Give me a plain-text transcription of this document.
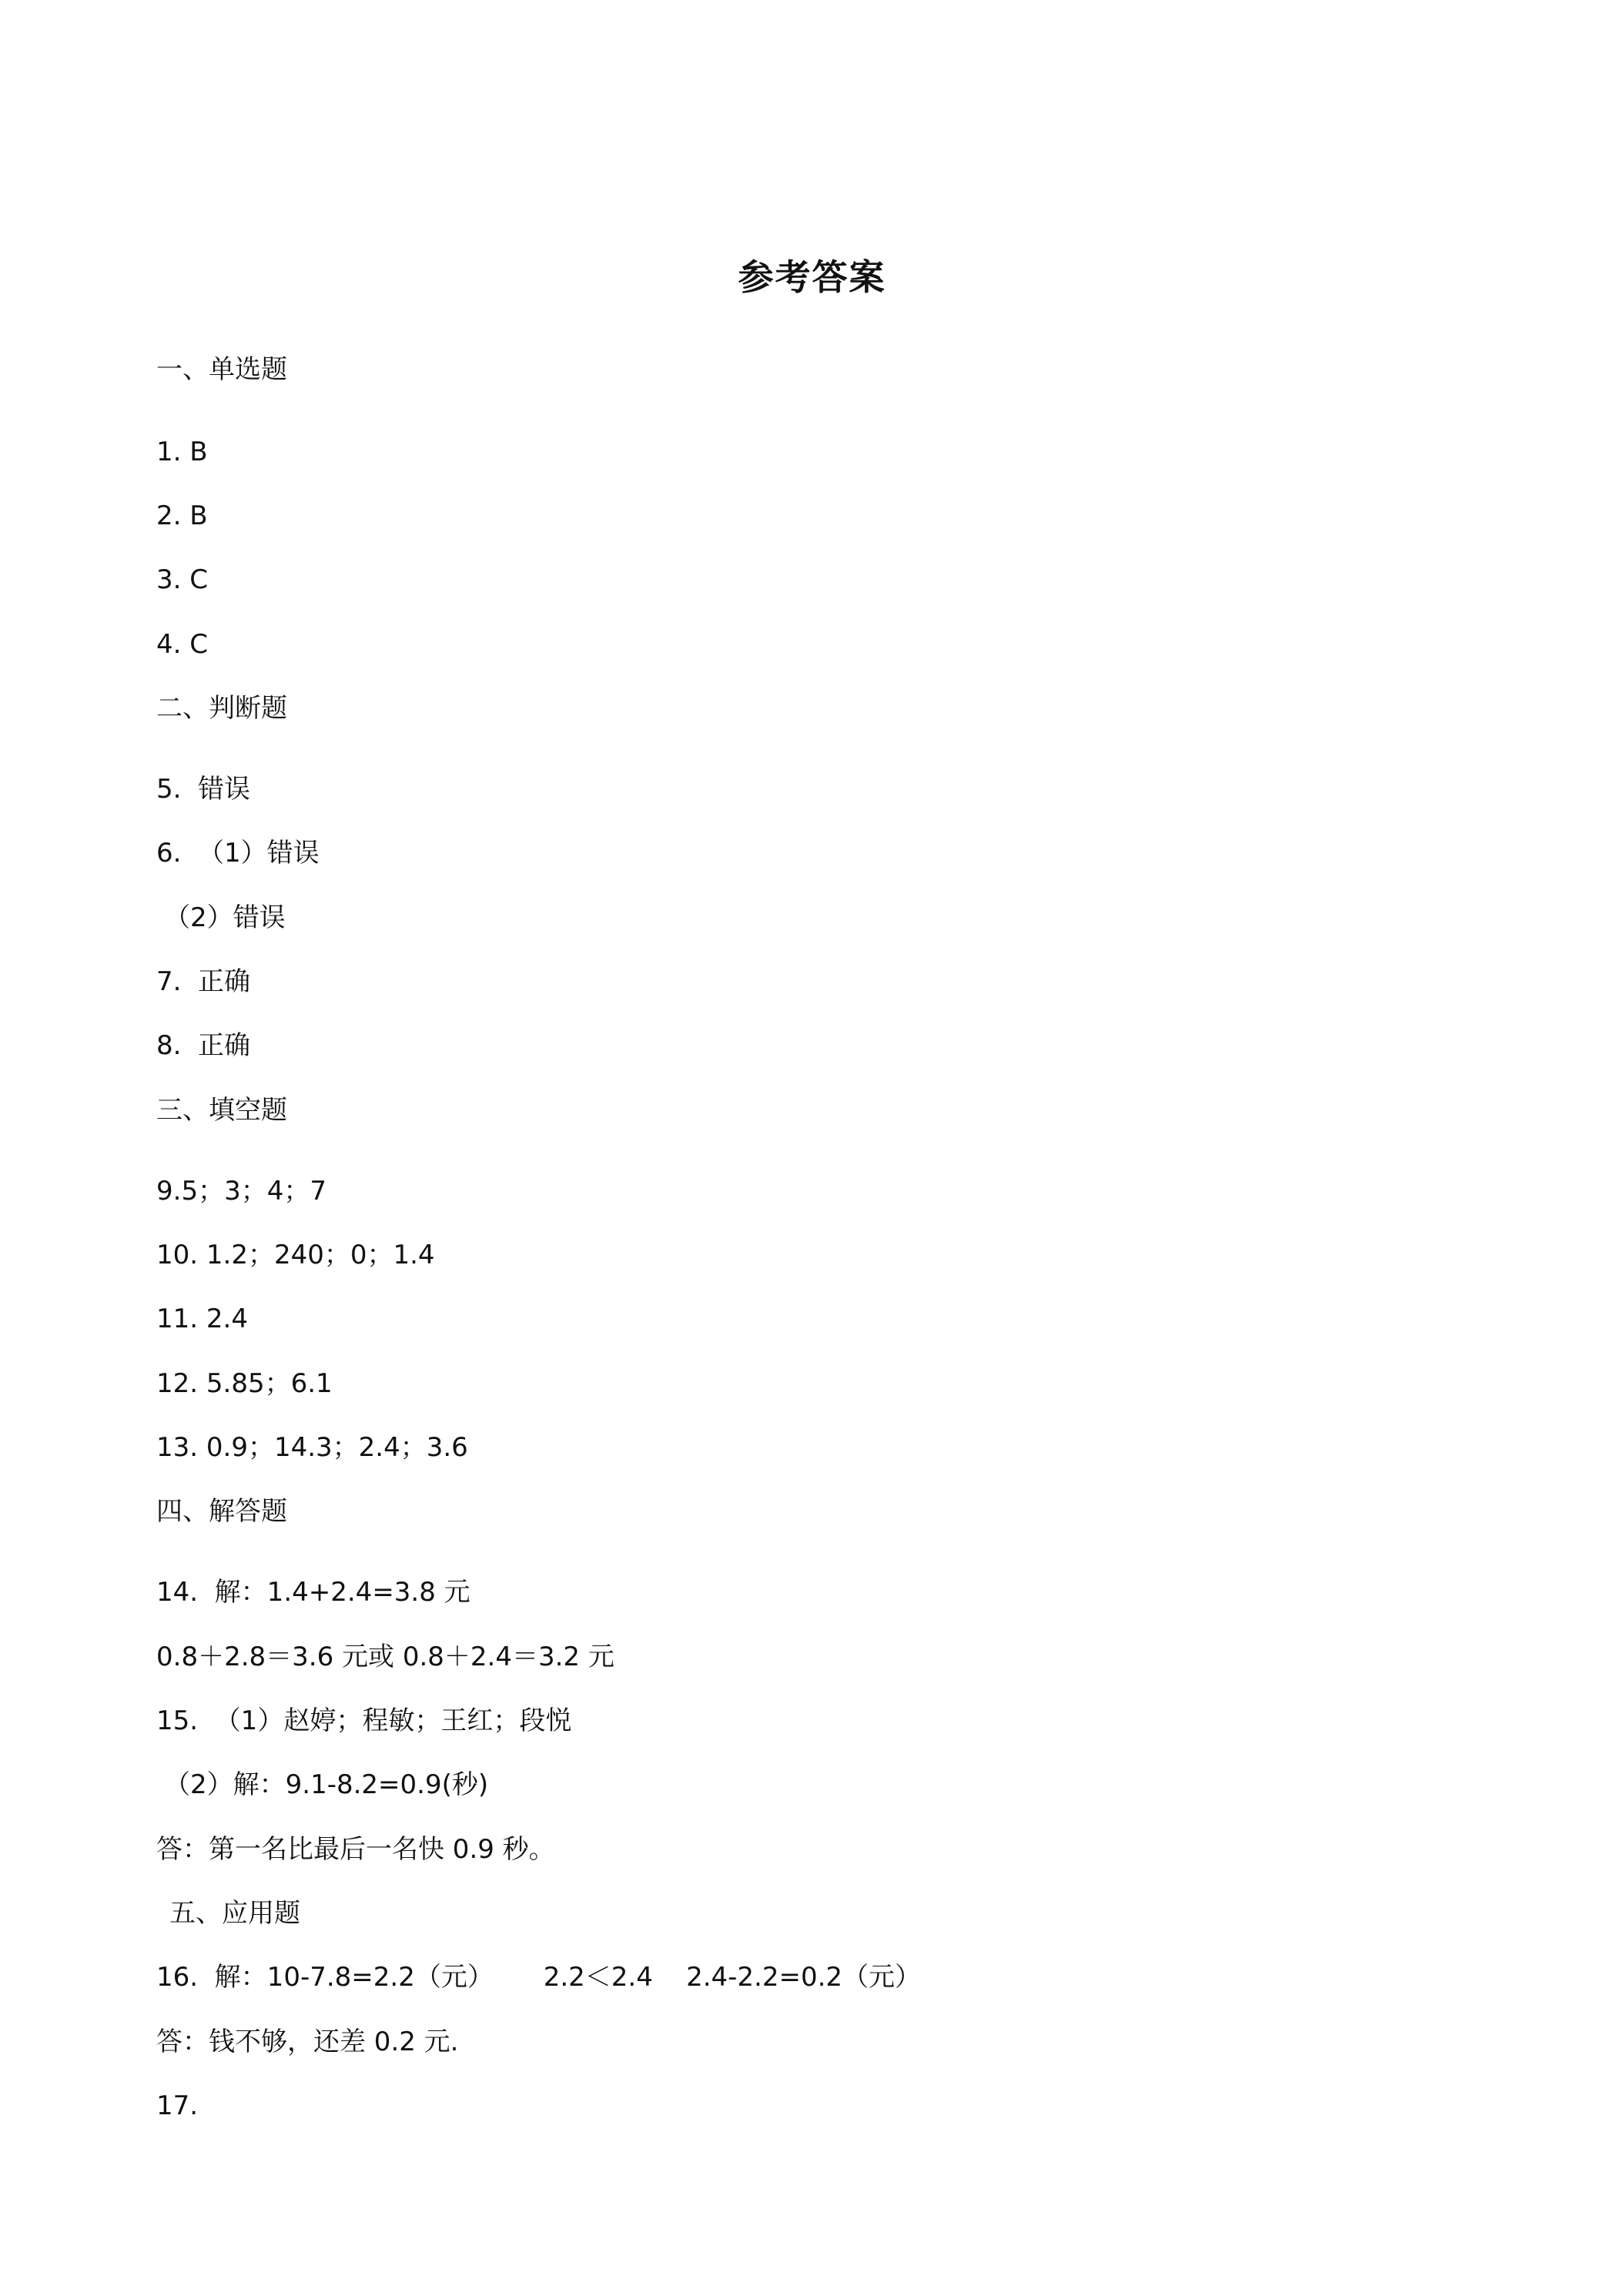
参考答案
一、单选题
1. B
2. B
3. C
4. C
二、判断题
5.  错误
6.  （1）错误
（2）错误
7.  正确
8.  正确
三、填空题
9.5；3；4；7
10. 1.2；240；0；1.4
11. 2.4
12. 5.85；6.1
13. 0.9；14.3；2.4；3.6
四、解答题
14.  解：1.4+2.4=3.8 元
0.8＋2.8＝3.6 元或 0.8＋2.4＝3.2 元
15.  （1）赵婷；程敏；王红；段悦
（2）解：9.1-8.2=0.9(秒)
答：第一名比最后一名快 0.9 秒。
五、应用题
16.  解：10-7.8=2.2（元）      2.2＜2.4    2.4-2.2=0.2（元）
答：钱不够，还差 0.2 元.
17.
